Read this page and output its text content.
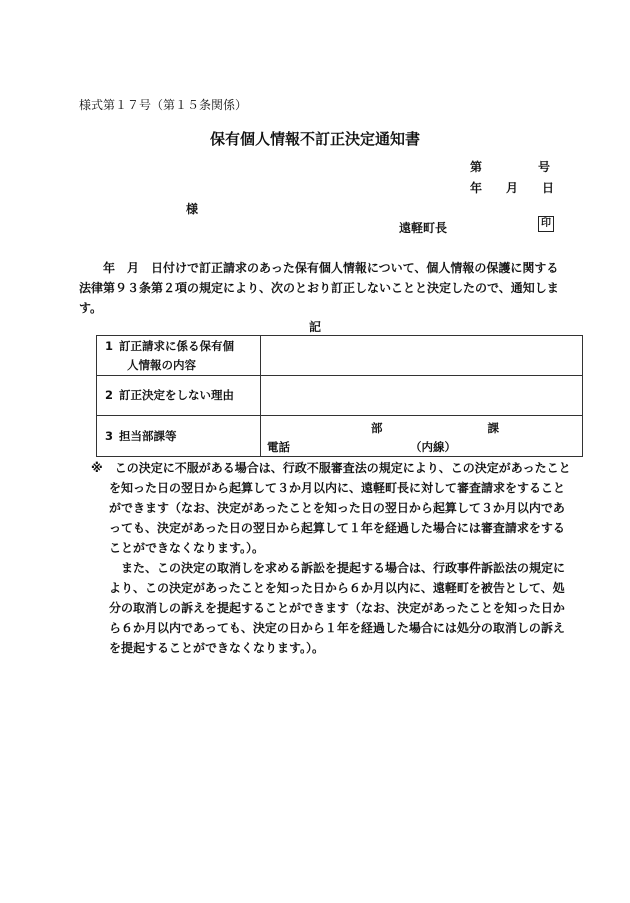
様式第１７号（第１５条関係）
保有個人情報不訂正決定通知書
第	号
年 月 日
様
遠軽町長	印

　　年　月　日付けで訂正請求のあった保有個人情報について、個人情報の保護に関する法律第９３条第２項の規定により、次のとおり訂正しないことと決定したので、通知します。

記
1 訂正請求に係る保有個
人情報の内容	

2 訂正決定をしない理由	
3 担当部課等	部 課
電話 （内線）

※　 この決定に不服がある場合は、行政不服審査法の規定により、この決定があったことを知った日の翌日から起算して３か月以内に、遠軽町長に対して審査請求をすることができます（なお、決定があったことを知った日の翌日から起算して３か月以内であっても、決定があった日の翌日から起算して１年を経過した場合には審査請求をすることができなくなります。）。

　また、この決定の取消しを求める訴訟を提起する場合は、行政事件訴訟法の規定により、この決定があったことを知った日から６か月以内に、遠軽町を被告として、処分の取消しの訴えを提起することができます（なお、決定があったことを知った日から６か月以内であっても、決定の日から１年を経過した場合には処分の取消しの訴えを提起することができなくなります。）。
